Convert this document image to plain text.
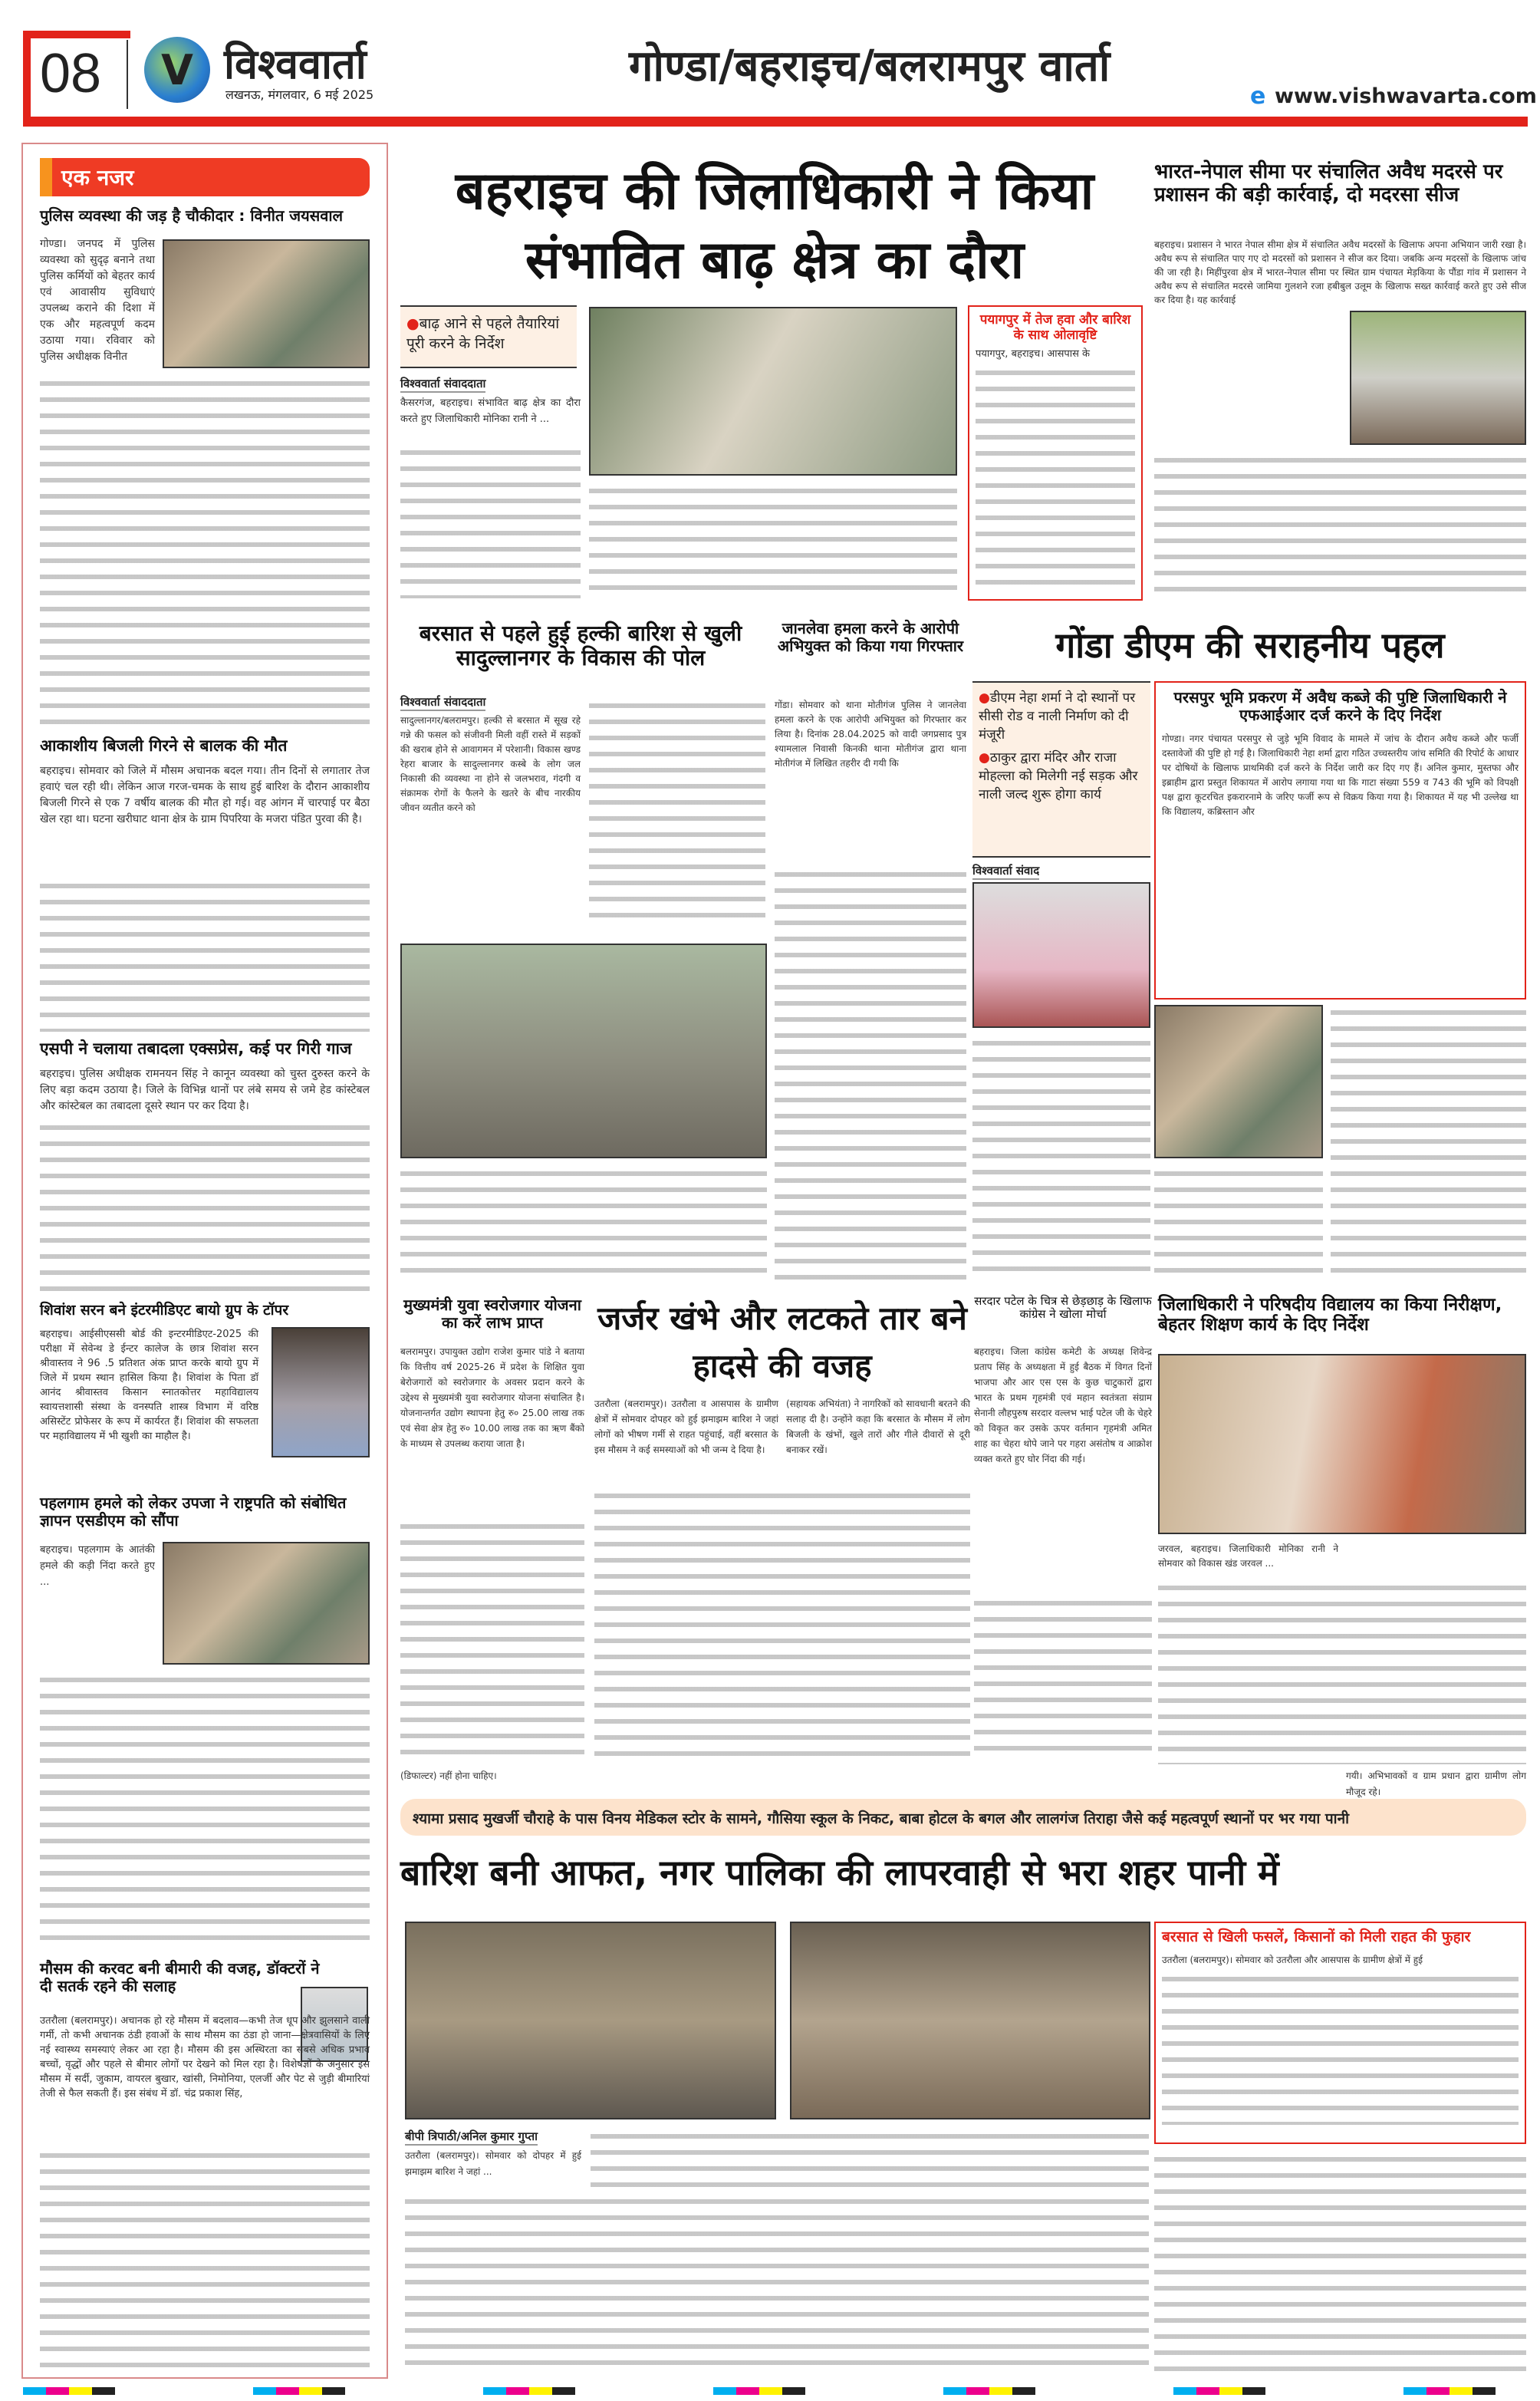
08	V विश्ववार्ता
लखनऊ, मंगलवार, 6 मई 2025
गोण्डा/बहराइच/बलरामपुर वार्ता
e www.vishwavarta.com
एक नजर
पुलिस व्यवस्था की जड़ है चौकीदार : विनीत जयसवाल
गोण्डा। जनपद में पुलिस व्यवस्था को सुदृढ़ बनाने तथा पुलिस कर्मियों को बेहतर कार्य एवं आवासीय सुविधाएं उपलब्ध कराने की दिशा में एक और महत्वपूर्ण कदम उठाया गया। रविवार को पुलिस अधीक्षक विनीत
आकाशीय बिजली गिरने से बालक की मौत
बहराइच। सोमवार को जिले में मौसम अचानक बदल गया। तीन दिनों से लगातार तेज हवाएं चल रही थी। लेकिन आज गरज-चमक के साथ हुई बारिश के दौरान आकाशीय बिजली गिरने से एक 7 वर्षीय बालक की मौत हो गई। वह आंगन में चारपाई पर बैठा खेल रहा था। घटना खरीघाट थाना क्षेत्र के ग्राम पिपरिया के मजरा पंडित पुरवा की है।
एसपी ने चलाया तबादला एक्सप्रेस, कई पर गिरी गाज
बहराइच। पुलिस अधीक्षक रामनयन सिंह ने कानून व्यवस्था को चुस्त दुरुस्त करने के लिए बड़ा कदम उठाया है। जिले के विभिन्न थानों पर लंबे समय से जमे हेड कांस्टेबल और कांस्टेबल का तबादला दूसरे स्थान पर कर दिया है।
शिवांश सरन बने इंटरमीडिएट बायो ग्रुप के टॉपर
बहराइच। आईसीएससी बोर्ड की इन्टरमीडिएट-2025 की परीक्षा में सेवेन्थ डे ईन्टर कालेज के छात्र शिवांश सरन श्रीवास्तव ने 96 .5 प्रतिशत अंक प्राप्त करके बायो ग्रुप में जिले में प्रथम स्थान हासिल किया है। शिवांश के पिता डॉ आनंद श्रीवास्तव किसान स्नातकोत्तर महाविद्यालय स्वायत्तशासी संस्था के वनस्पति शास्त्र विभाग में वरिष्ठ असिस्टेंट प्रोफेसर के रूप में कार्यरत हैं। शिवांश की सफलता पर महाविद्यालय में भी खुशी का माहौल है।
पहलगाम हमले को लेकर उपजा ने राष्ट्रपति को संबोधित ज्ञापन एसडीएम को सौंपा
बहराइच। पहलगाम के आतंकी हमले की कड़ी निंदा करते हुए ...
मौसम की करवट बनी बीमारी की वजह, डॉक्टरों ने दी सतर्क रहने की सलाह
उतरौला (बलरामपुर)। अचानक हो रहे मौसम में बदलाव—कभी तेज धूप और झुलसाने वाली गर्मी, तो कभी अचानक ठंडी हवाओं के साथ मौसम का ठंडा हो जाना—क्षेत्रवासियों के लिए नई स्वास्थ्य समस्याएं लेकर आ रहा है। मौसम की इस अस्थिरता का सबसे अधिक प्रभाव बच्चों, वृद्धों और पहले से बीमार लोगों पर देखने को मिल रहा है। विशेषज्ञों के अनुसार इस मौसम में सर्दी, जुकाम, वायरल बुखार, खांसी, निमोनिया, एलर्जी और पेट से जुड़ी बीमारियां तेजी से फैल सकती हैं। इस संबंध में डॉ. चंद्र प्रकाश सिंह,
बहराइच की जिलाधिकारी ने किया संभावित बाढ़ क्षेत्र का दौरा
●बाढ़ आने से पहले तैयारियां पूरी करने के निर्देश
विश्ववार्ता संवाददाता
कैसरगंज, बहराइच। संभावित बाढ़ क्षेत्र का दौरा करते हुए जिलाधिकारी मोनिका रानी ने ...
पयागपुर में तेज हवा और बारिश के साथ ओलावृष्टि
पयागपुर, बहराइच। आसपास के
भारत-नेपाल सीमा पर संचालित अवैध मदरसे पर प्रशासन की बड़ी कार्रवाई, दो मदरसा सीज
बहराइच। प्रशासन ने भारत नेपाल सीमा क्षेत्र में संचालित अवैध मदरसों के खिलाफ अपना अभियान जारी रखा है। अवैध रूप से संचालित पाए गए दो मदरसों को प्रशासन ने सीज कर दिया। जबकि अन्य मदरसों के खिलाफ जांच की जा रही है। मिहींपुरवा क्षेत्र में भारत-नेपाल सीमा पर स्थित ग्राम पंचायत मेड़किया के पौंडा गांव में प्रशासन ने अवैध रूप से संचालित मदरसे जामिया गुलशने रजा हबीबुल उलूम के खिलाफ सख्त कार्रवाई करते हुए उसे सीज कर दिया है। यह कार्रवाई
बरसात से पहले हुई हल्की बारिश से खुली सादुल्लानगर के विकास की पोल
विश्ववार्ता संवाददाता
सादुल्लानगर/बलरामपुर। हल्की से बरसात में सूख रहे गन्ने की फसल को संजीवनी मिली वहीं रास्ते में सड़कों की खराब होने से आवागमन में परेशानी। विकास खण्ड रेहरा बाजार के सादुल्लानगर कस्बे के लोग जल निकासी की व्यवस्था ना होने से जलभराव, गंदगी व संक्रामक रोगों के फैलने के खतरे के बीच नारकीय जीवन व्यतीत करने को
जानलेवा हमला करने के आरोपी अभियुक्त को किया गया गिरफ्तार
गोंडा। सोमवार को थाना मोतीगंज पुलिस ने जानलेवा हमला करने के एक आरोपी अभियुक्त को गिरफ्तार कर लिया है। दिनांक 28.04.2025 को वादी जगप्रसाद पुत्र श्यामलाल निवासी किनकी थाना मोतीगंज द्वारा थाना मोतीगंज में लिखित तहरीर दी गयी कि
गोंडा डीएम की सराहनीय पहल
●डीएम नेहा शर्मा ने दो स्थानों पर सीसी रोड व नाली निर्माण को दी मंजूरी
●ठाकुर द्वारा मंदिर और राजा मोहल्ला को मिलेगी नई सड़क और नाली जल्द शुरू होगा कार्य
विश्ववार्ता संवाद
परसपुर भूमि प्रकरण में अवैध कब्जे की पुष्टि जिलाधिकारी ने एफआईआर दर्ज करने के दिए निर्देश
गोण्डा। नगर पंचायत परसपुर से जुड़े भूमि विवाद के मामले में जांच के दौरान अवैध कब्जे और फर्जी दस्तावेजों की पुष्टि हो गई है। जिलाधिकारी नेहा शर्मा द्वारा गठित उच्चस्तरीय जांच समिति की रिपोर्ट के आधार पर दोषियों के खिलाफ प्राथमिकी दर्ज करने के निर्देश जारी कर दिए गए हैं। अनिल कुमार, मुस्तफा और इब्राहीम द्वारा प्रस्तुत शिकायत में आरोप लगाया गया था कि गाटा संख्या 559 व 743 की भूमि को विपक्षी पक्ष द्वारा कूटरचित इकरारनामे के जरिए फर्जी रूप से विक्रय किया गया है। शिकायत में यह भी उल्लेख था कि विद्यालय, कब्रिस्तान और
मुख्यमंत्री युवा स्वरोजगार योजना का करें लाभ प्राप्त
बलरामपुर। उपायुक्त उद्योग राजेश कुमार पांडे ने बताया कि वित्तीय वर्ष 2025-26 में प्रदेश के शिक्षित युवा बेरोजगारों को स्वरोजगार के अवसर प्रदान करने के उद्देश्य से मुख्यमंत्री युवा स्वरोजगार योजना संचालित है। योजनान्तर्गत उद्योग स्थापना हेतु रु० 25.00 लाख तक एवं सेवा क्षेत्र हेतु रु० 10.00 लाख तक का ऋण बैंको के माध्यम से उपलब्ध कराया जाता है।
जर्जर खंभे और लटकते तार बने हादसे की वजह
उतरौला (बलरामपुर)। उतरौला व आसपास के ग्रामीण क्षेत्रों में सोमवार दोपहर को हुई झमाझम बारिश ने जहां लोगों को भीषण गर्मी से राहत पहुंचाई, वहीं बरसात के इस मौसम ने कई समस्याओं को भी जन्म दे दिया है।
(सहायक अभियंता) ने नागरिकों को सावधानी बरतने की सलाह दी है। उन्होंने कहा कि बरसात के मौसम में लोग बिजली के खंभों, खुले तारों और गीले दीवारों से दूरी बनाकर रखें।
(डिफाल्टर) नहीं होना चाहिए।
सरदार पटेल के चित्र से छेड़छाड़ के खिलाफ कांग्रेस ने खोला मोर्चा
बहराइच। जिला कांग्रेस कमेटी के अध्यक्ष शिवेन्द्र प्रताप सिंह के अध्यक्षता में हुई बैठक में विगत दिनों भाजपा और आर एस एस के कुछ चाटुकारों द्वारा भारत के प्रथम गृहमंत्री एवं महान स्वतंत्रता संग्राम सेनानी लौहपुरुष सरदार वल्लभ भाई पटेल जी के चेहरे को विकृत कर उसके ऊपर वर्तमान गृहमंत्री अमित शाह का चेहरा थोपे जाने पर गहरा असंतोष व आक्रोश व्यक्त करते हुए घोर निंदा की गई।
जिलाधिकारी ने परिषदीय विद्यालय का किया निरीक्षण, बेहतर शिक्षण कार्य के दिए निर्देश
जरवल, बहराइच। जिलाधिकारी मोनिका रानी ने सोमवार को विकास खंड जरवल ...
गयी। अभिभावकों व ग्राम प्रधान द्वारा ग्रामीण लोग मौजूद रहे।
श्यामा प्रसाद मुखर्जी चौराहे के पास विनय मेडिकल स्टोर के सामने, गौसिया स्कूल के निकट, बाबा होटल के बगल और लालगंज तिराहा जैसे कई महत्वपूर्ण स्थानों पर भर गया पानी
बारिश बनी आफत, नगर पालिका की लापरवाही से भरा शहर पानी में
बीपी त्रिपाठी/अनिल कुमार गुप्ता
उतरौला (बलरामपुर)। सोमवार को दोपहर में हुई झमाझम बारिश ने जहां ...
बरसात से खिली फसलें, किसानों को मिली राहत की फुहार
उतरौला (बलरामपुर)। सोमवार को उतरौला और आसपास के ग्रामीण क्षेत्रों में हुई
